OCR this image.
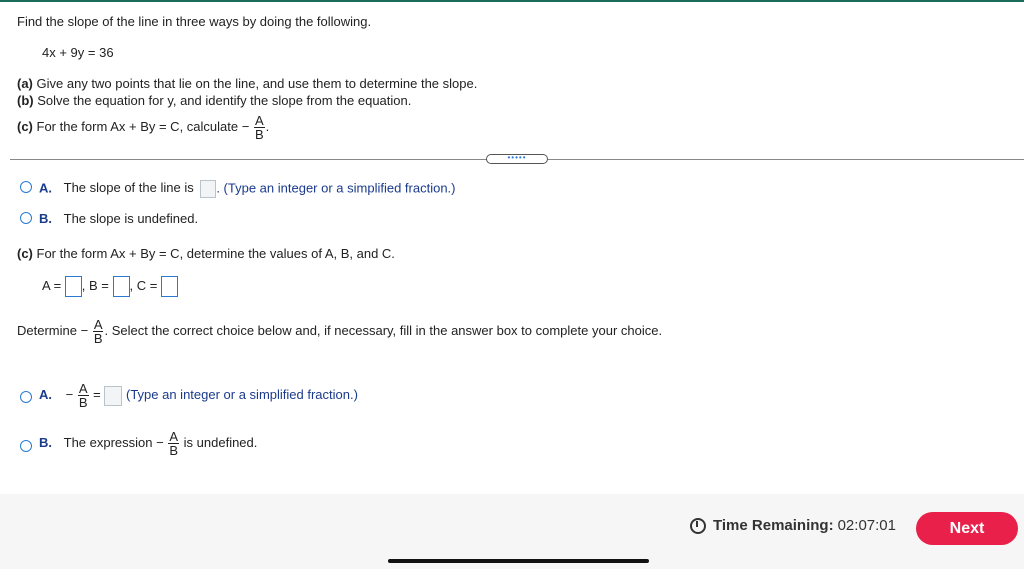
Find the slope of the line in three ways by doing the following.
4x + 9y = 36
(a) Give any two points that lie on the line, and use them to determine the slope.
(b) Solve the equation for y, and identify the slope from the equation.
(c) For the form Ax + By = C, calculate − $\frac{A}{B}$ .
•••••
A. The slope of the line is . (Type an integer or a simplified fraction.)
B. The slope is undefined.
(c) For the form Ax + By = C, determine the values of A, B, and C.
A = , B = , C =
Determine − $\frac{A}{B}$ . Select the correct choice below and, if necessary, fill in the answer box to complete your choice.
A. − $\frac{A}{B}$ = (Type an integer or a simplified fraction.)
B. The expression − $\frac{A}{B}$ is undefined.
Time Remaining: 02:07:01	Next
